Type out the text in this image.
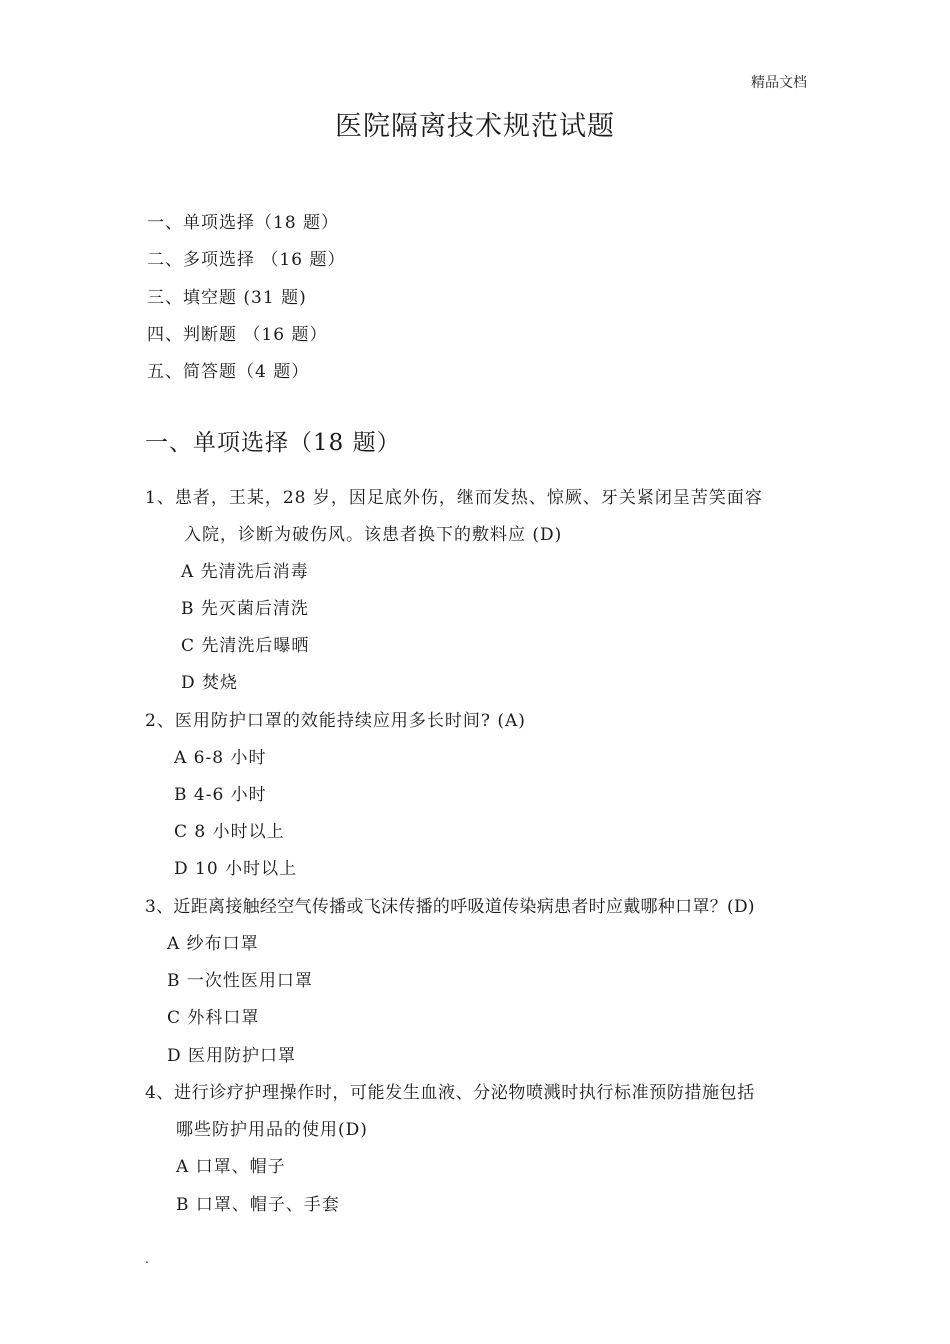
精品文档
医院隔离技术规范试题
一、单项选择（18 题）
二、多项选择 （16 题）
三、填空题 (31 题)
四、判断题 （16 题）
五、简答题（4 题）
一、单项选择（18 题）
1、患者，王某，28 岁，因足底外伤，继而发热、惊厥、牙关紧闭呈苦笑面容
入院，诊断为破伤风。该患者换下的敷料应 (D)
A 先清洗后消毒
B 先灭菌后清洗
C 先清洗后曝晒
D 焚烧
2、医用防护口罩的效能持续应用多长时间? (A)
A 6-8 小时
B 4-6 小时
C 8 小时以上
D 10 小时以上
3、近距离接触经空气传播或飞沫传播的呼吸道传染病患者时应戴哪种口罩？(D)
A 纱布口罩
B 一次性医用口罩
C 外科口罩
D 医用防护口罩
4、进行诊疗护理操作时，可能发生血液、分泌物喷溅时执行标准预防措施包括
哪些防护用品的使用(D)
A 口罩、帽子
B 口罩、帽子、手套
.
